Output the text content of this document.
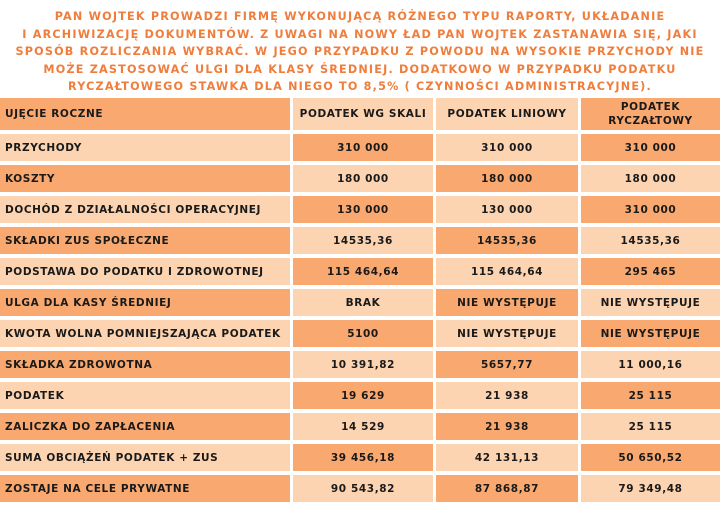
PAN WOJTEK PROWADZI FIRMĘ WYKONUJĄCĄ RÓŻNEGO TYPU RAPORTY, UKŁADANIE
I ARCHIWIZACJĘ DOKUMENTÓW. Z UWAGI NA NOWY ŁAD PAN WOJTEK ZASTANAWIA SIĘ, JAKI
SPOSÓB ROZLICZANIA WYBRAĆ. W JEGO PRZYPADKU Z POWODU NA WYSOKIE PRZYCHODY NIE
MOŻE ZASTOSOWAĆ ULGI DLA KLASY ŚREDNIEJ. DODATKOWO W PRZYPADKU PODATKU
RYCZAŁTOWEGO STAWKA DLA NIEGO TO 8,5% ( CZYNNOŚCI ADMINISTRACYJNE).
UJĘCIE ROCZNE	PODATEK WG SKALI	PODATEK LINIOWY	PODATEK RYCZAŁTOWY
PRZYCHODY	310 000	310 000	310 000
KOSZTY	180 000	180 000	180 000
DOCHÓD Z DZIAŁALNOŚCI OPERACYJNEJ	130 000	130 000	310 000
SKŁADKI ZUS SPOŁECZNE	14535,36	14535,36	14535,36
PODSTAWA DO PODATKU I ZDROWOTNEJ	115 464,64	115 464,64	295 465
ULGA DLA KASY ŚREDNIEJ	BRAK	NIE WYSTĘPUJE	NIE WYSTĘPUJE
KWOTA WOLNA POMNIEJSZAJĄCA PODATEK	5100	NIE WYSTĘPUJE	NIE WYSTĘPUJE
SKŁADKA ZDROWOTNA	10 391,82	5657,77	11 000,16
PODATEK	19 629	21 938	25 115
ZALICZKA DO ZAPŁACENIA	14 529	21 938	25 115
SUMA OBCIĄŻEŃ PODATEK + ZUS	39 456,18	42 131,13	50 650,52
ZOSTAJE NA CELE PRYWATNE	90 543,82	87 868,87	79 349,48
